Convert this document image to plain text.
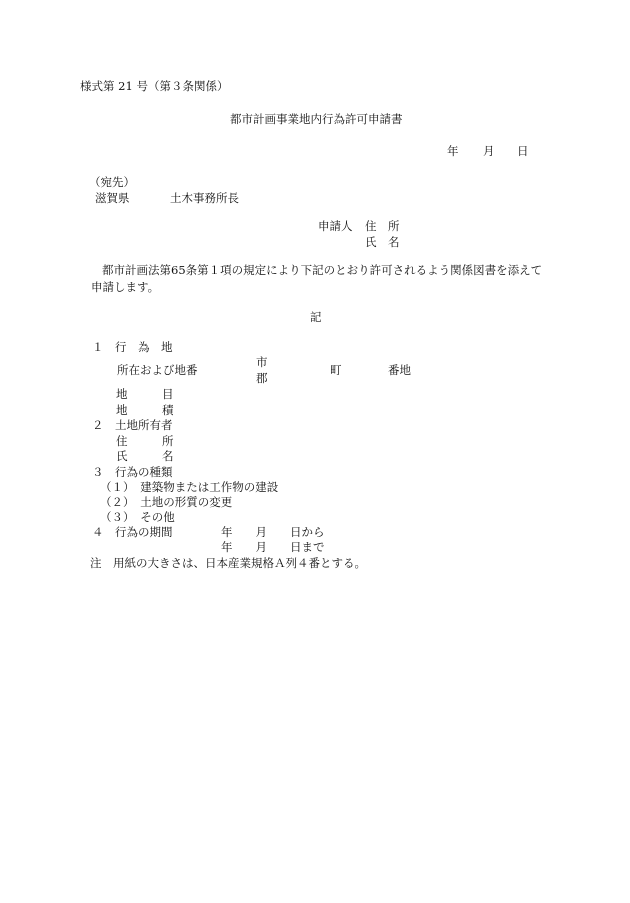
様式第 21 号（第３条関係）
都市計画事業地内行為許可申請書
年 月 日
（宛先）
滋賀県	土木事務所長
申請人 住　所
氏　名
都市計画法第65条第１項の規定により下記のとおり許可されるよう関係図書を添えて
申請します。
記
１　行　為　地
所在および地番
市
郡
町	番地
地　　　目
地　　　積
２　土地所有者
住　　　所
氏　　　名
３　行為の種類
（１）　建築物または工作物の建設
（２）　土地の形質の変更
（３）　その他
４　行為の期間	年　　月　　日から
年　　月　　日まで
注　用紙の大きさは、日本産業規格Ａ列４番とする。
